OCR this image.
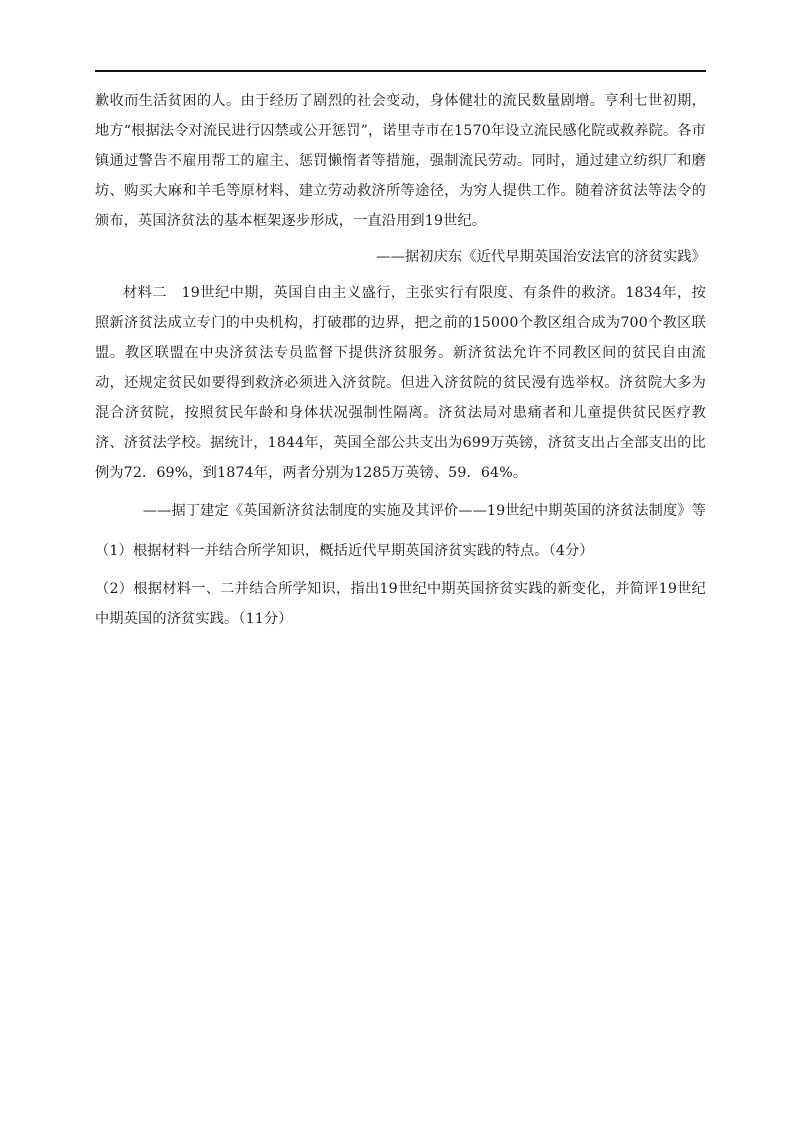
歉收而生活贫困的人。由于经历了剧烈的社会变动，身体健壮的流民数量剧增。亨利七世初期，地方“根据法令对流民进行囚禁或公开惩罚”，诺里寺市在1570年设立流民感化院或救养院。各市镇通过警告不雇用帮工的雇主、惩罚懒惰者等措施，强制流民劳动。同时，通过建立纺织厂和磨坊、购买大麻和羊毛等原材料、建立劳动救济所等途径，为穷人提供工作。随着济贫法等法令的颁布，英国济贫法的基本框架逐步形成，一直沿用到19世纪。

——据初庆东《近代早期英国治安法官的济贫实践》

材料二　19世纪中期，英国自由主义盛行，主张实行有限度、有条件的救济。1834年，按照新济贫法成立专门的中央机构，打破郡的边界，把之前的15000个教区组合成为700个教区联盟。教区联盟在中央济贫法专员监督下提供济贫服务。新济贫法允许不同教区间的贫民自由流动，还规定贫民如要得到救济必须进入济贫院。但进入济贫院的贫民漫有选举权。济贫院大多为混合济贫院，按照贫民年龄和身体状况强制性隔离。济贫法局对患痛者和儿童提供贫民医疗教济、济贫法学校。据统计，1844年，英国全部公共支出为699万英镑，济贫支出占全部支出的比例为72．69%，到1874年，两者分别为1285万英镑、59．64%。

——据丁建定《英国新济贫法制度的实施及其评价——19世纪中期英国的济贫法制度》等

（1）根据材料一并结合所学知识，概括近代早期英国济贫实践的特点。（4分）

（2）根据材料一、二并结合所学知识，指出19世纪中期英国挤贫实践的新变化，并简评19世纪中期英国的济贫实践。（11分）
